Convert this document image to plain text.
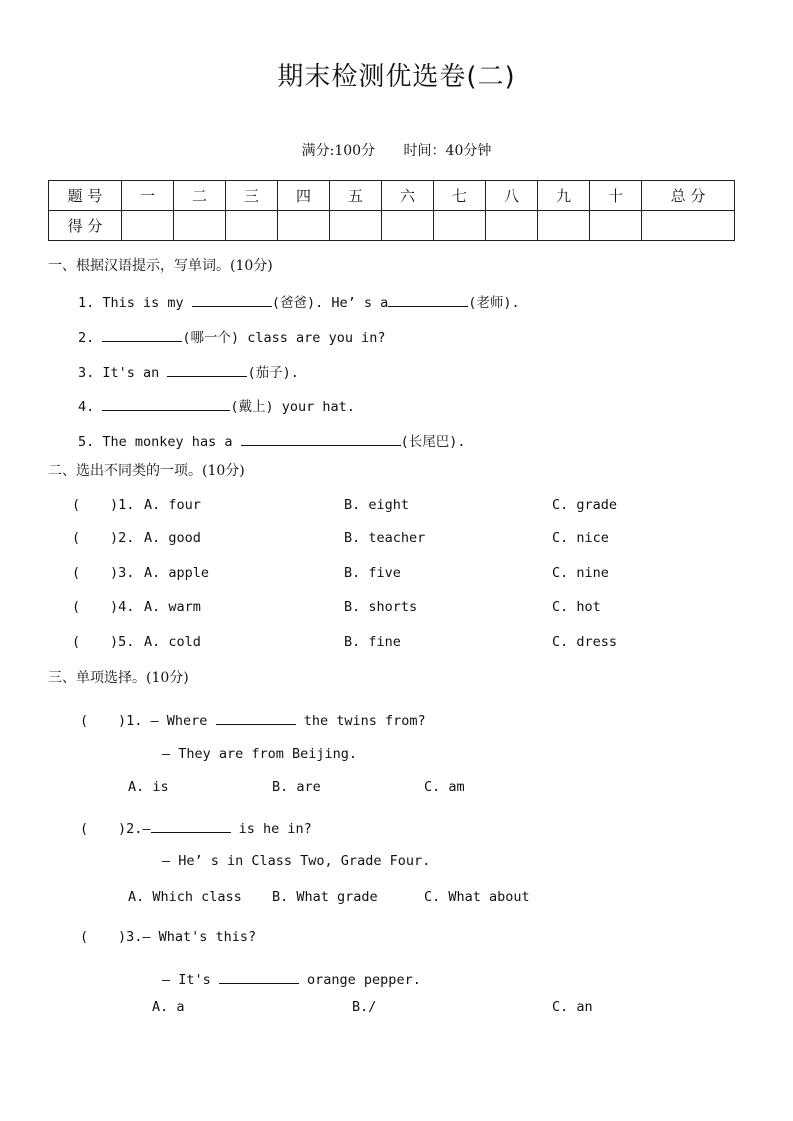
期末检测优选卷(二)
满分:100分 时间：40分钟
题 号	一	二	三	四	五	六	七	八	九	十	总 分
得 分											
一、根据汉语提示，写单词。(10分)
1. This is my	(爸爸). He’ s a	(老师).
2.	(哪一个) class are you in?
3. It's an	(茄子).
4.	(戴上) your hat.
5. The monkey has a	(长尾巴).
二、选出不同类的一项。(10分)
( )1. A. four	B. eight	C. grade
( )2. A. good	B. teacher	C. nice
( )3. A. apple	B. five	C. nine
( )4. A. warm	B. shorts	C. hot
( )5. A. cold	B. fine	C. dress
三、单项选择。(10分)
( )1. — Where	the twins from?
— They are from Beijing.
A. is	B. are	C. am
( )2.—	is he in?
— He’ s in Class Two, Grade Four.
A. Which class B. What grade	C. What about
( )3.— What's this?
— It's	orange pepper.
A. a	B./	C. an
